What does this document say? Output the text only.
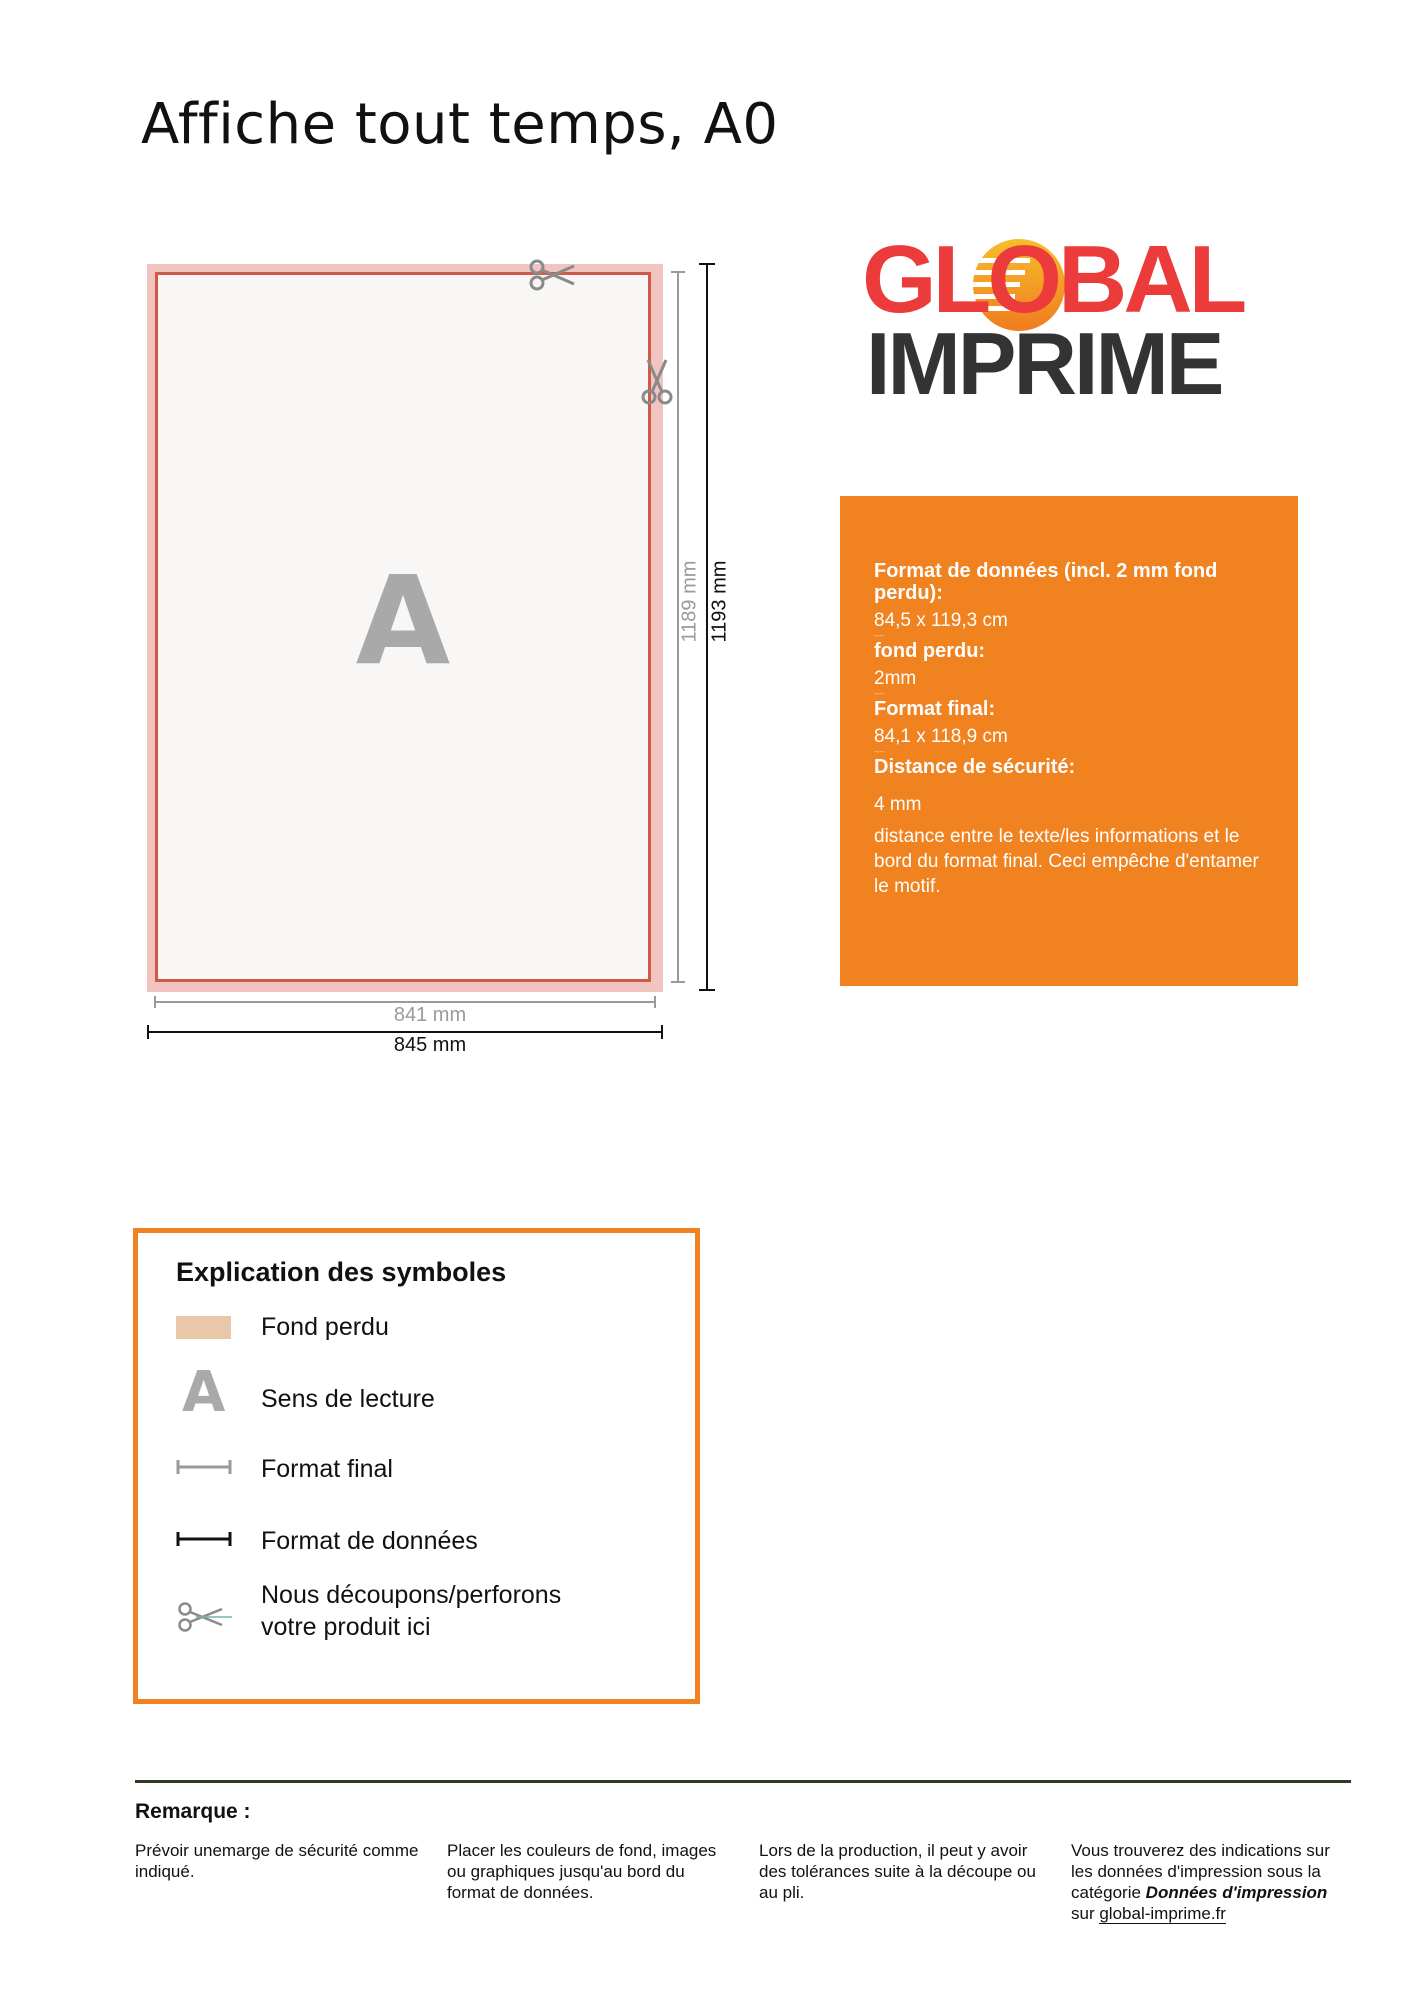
Affiche tout temps, A0
A	1189 mm 1193 mm
841 mm
845 mm
GLOBAL
IMPRIME
Format de données (incl. 2 mm fond perdu):
84,5 x 119,3 cm
----
fond perdu:
2mm
----
Format final:
84,1 x 118,9 cm
----
Distance de sécurité:
4 mm
distance entre le texte/les informations et le bord du format final. Ceci empêche d'entamer le motif.
Explication des symboles
Fond perdu
A Sens de lecture
Format final
Format de données
Nous découpons/perforons votre produit ici
Remarque :
Prévoir unemarge de sécurité comme indiqué.
Placer les couleurs de fond, images ou graphiques jusqu'au bord du format de données.
Lors de la production, il peut y avoir des tolérances suite à la découpe ou au pli.
Vous trouverez des indications sur les données d'impression sous la catégorie Données d'impression sur global-imprime.fr
